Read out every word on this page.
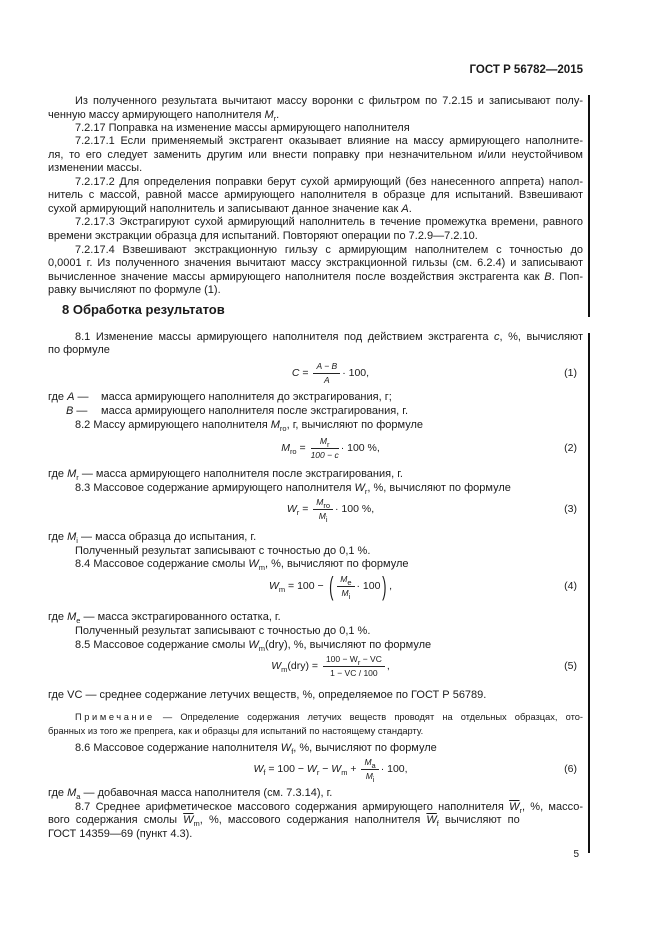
ГОСТ Р 56782—2015
Из полученного результата вычитают массу воронки с фильтром по 7.2.15 и записывают полу-
ченную массу армирующего наполнителя $M_r$.
7.2.17 Поправка на изменение массы армирующего наполнителя
7.2.17.1 Если применяемый экстрагент оказывает влияние на массу армирующего наполните-
ля, то его следует заменить другим или внести поправку при незначительном и/или неустойчивом
изменении массы.
7.2.17.2 Для определения поправки берут сухой армирующий (без нанесенного аппрета) напол-
нитель с массой, равной массе армирующего наполнителя в образце для испытаний. Взвешивают
сухой армирующий наполнитель и записывают данное значение как A.
7.2.17.3 Экстрагируют сухой армирующий наполнитель в течение промежутка времени, равного
времени экстракции образца для испытаний. Повторяют операции по 7.2.9—7.2.10.
7.2.17.4 Взвешивают экстракционную гильзу с армирующим наполнителем с точностью до
0,0001 г. Из полученного значения вычитают массу экстракционной гильзы (см. 6.2.4) и записывают
вычисленное значение массы армирующего наполнителя после воздействия экстрагента как B. Поп-
равку вычисляют по формуле (1).
8 Обработка результатов
8.1 Изменение массы армирующего наполнителя под действием экстрагента c, %, вычисляют
по формуле
$C = \frac{A - B}{A} \cdot 100$,	(1)
где A —	масса армирующего наполнителя до экстрагирования, г;
B —	масса армирующего наполнителя после экстрагирования, г.
8.2 Массу армирующего наполнителя $M_{ro}$, г, вычисляют по формуле
$M_{ro} = \frac{M_r}{100 - c} \cdot 100$ %,	(2)
где $M_r$ — масса армирующего наполнителя после экстрагирования, г.
8.3 Массовое содержание армирующего наполнителя $W_r$, %, вычисляют по формуле
$W_r$ =
$M_{ro}$
$M_i$
· 100 %,	(3)
где $M_i$ — масса образца до испытания, г.
Полученный результат записывают с точностью до 0,1 %.
8.4 Массовое содержание смолы $W_m$, %, вычисляют по формуле
$W_m = 100$ − ( $\frac{M_e}{M_i} \cdot 100$) ,	(4)
где $M_e$ — масса экстрагированного остатка, г.
Полученный результат записывают с точностью до 0,1 %.
8.5 Массовое содержание смолы $W_m(dry)$, %, вычисляют по формуле
$W_m(dry) = \frac{100 - W_r - VC}{1 - VC / 100}$ ,	(5)
где VC — среднее содержание летучих веществ, %, определяемое по ГОСТ Р 56789.
Примечание — Определение содержания летучих веществ проводят на отдельных образцах, ото-
бранных из того же препрега, как и образцы для испытаний по настоящему стандарту.
8.6 Массовое содержание наполнителя $W_f$, %, вычисляют по формуле
$W_f = 100 - W_r - W_m + \frac{M_a}{M_i} \cdot 100$,	(6)
где $M_a$ — добавочная масса наполнителя (см. 7.3.14), г.
8.7 Среднее арифметическое массового содержания армирующего наполнителя $\overline{W}_r$, %, массо-
вого  содержания  смолы  $\overline{W}_m$,  %,  массового  содержания  наполнителя  $\overline{W}_f$  вычисляют  по
ГОСТ 14359—69 (пункт 4.3).
5
